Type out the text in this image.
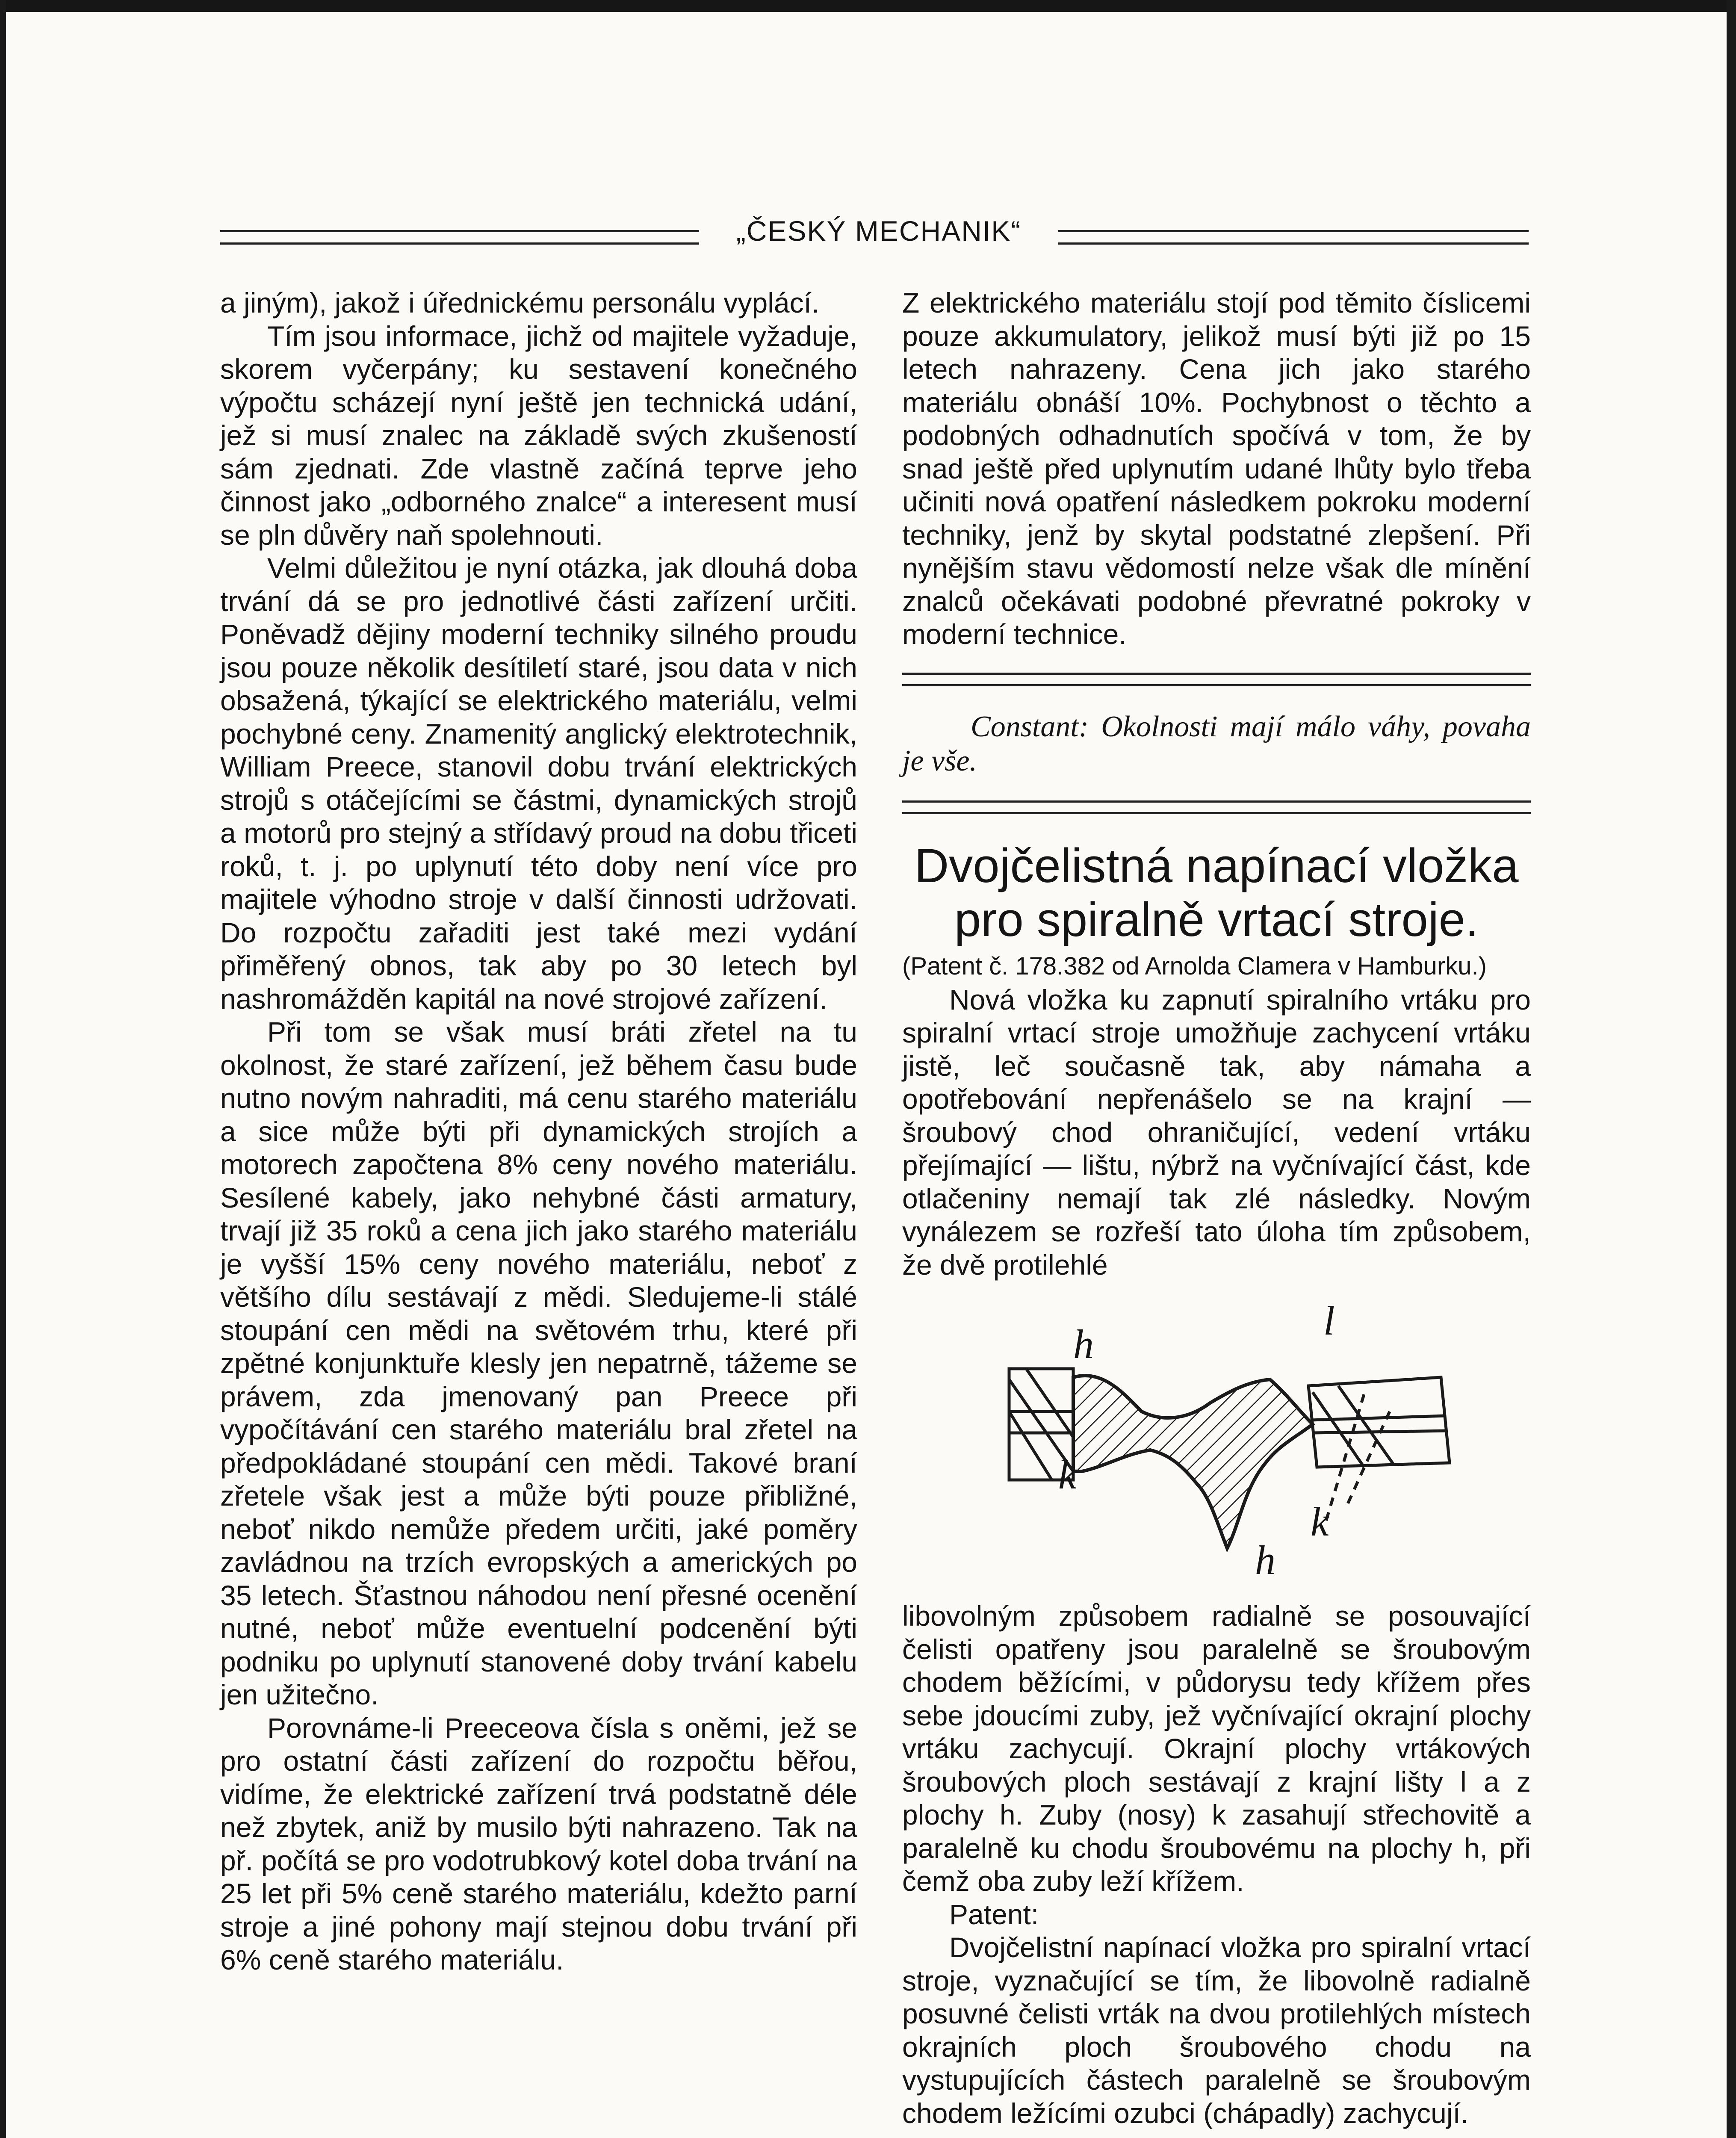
„ČESKÝ MECHANIK“

a jiným), jakož i úřednickému personálu vyplácí.

Tím jsou informace, jichž od majitele vyžaduje, skorem vyčerpány; ku sestavení konečného výpočtu scházejí nyní ještě jen technická udání, jež si musí znalec na základě svých zkušeností sám zjednati. Zde vlastně začíná teprve jeho činnost jako „odborného znalce“ a interesent musí se pln důvěry naň spolehnouti.

Velmi důležitou je nyní otázka, jak dlouhá doba trvání dá se pro jednotlivé části zařízení určiti. Poněvadž dějiny moderní techniky silného proudu jsou pouze několik desítiletí staré, jsou data v nich obsažená, týkající se elektrického materiálu, velmi pochybné ceny. Znamenitý anglický elektrotechnik, William Preece, stanovil dobu trvání elektrických strojů s otáčejícími se částmi, dynamických strojů a motorů pro stejný a střídavý proud na dobu třiceti roků, t. j. po uplynutí této doby není více pro majitele výhodno stroje v další činnosti udržovati. Do rozpočtu zařaditi jest také mezi vydání přiměřený obnos, tak aby po 30 letech byl nashromážděn kapitál na nové strojové zařízení.

Při tom se však musí bráti zřetel na tu okolnost, že staré zařízení, jež během času bude nutno novým nahraditi, má cenu starého materiálu a sice může býti při dynamických strojích a motorech započtena 8% ceny nového materiálu. Sesílené kabely, jako nehybné části armatury, trvají již 35 roků a cena jich jako starého materiálu je vyšší 15% ceny nového materiálu, neboť z většího dílu sestávají z mědi. Sledujeme-li stálé stoupání cen mědi na světovém trhu, které při zpětné konjunktuře klesly jen nepatrně, tážeme se právem, zda jmenovaný pan Preece při vypočítávání cen starého materiálu bral zřetel na předpokládané stoupání cen mědi. Takové braní zřetele však jest a může býti pouze přibližné, neboť nikdo nemůže předem určiti, jaké poměry zavládnou na trzích evropských a amerických po 35 letech. Šťastnou náhodou není přesné ocenění nutné, neboť může eventuelní podcenění býti podniku po uplynutí stanovené doby trvání kabelu jen užitečno.

Porovnáme-li Preeceova čísla s oněmi, jež se pro ostatní části zařízení do rozpočtu běřou, vidíme, že elektrické zařízení trvá podstatně déle než zbytek, aniž by musilo býti nahrazeno. Tak na př. počítá se pro vodotrubkový kotel doba trvání na 25 let při 5% ceně starého materiálu, kdežto parní stroje a jiné pohony mají stejnou dobu trvání při 6% ceně starého materiálu.

Z elektrického materiálu stojí pod těmito číslicemi pouze akkumulatory, jelikož musí býti již po 15 letech nahrazeny. Cena jich jako starého materiálu obnáší 10%. Pochybnost o těchto a podobných odhadnutích spočívá v tom, že by snad ještě před uplynutím udané lhůty bylo třeba učiniti nová opatření následkem pokroku moderní techniky, jenž by skytal podstatné zlepšení. Při nynějším stavu vědomostí nelze však dle mínění znalců očekávati podobné převratné pokroky v moderní technice.

Constant: Okolnosti mají málo váhy, povaha je vše.
Dvojčelistná napínací vložka
pro spiralně vrtací stroje.
(Patent č. 178.382 od Arnolda Clamera v Hamburku.)

Nová vložka ku zapnutí spiralního vrtáku pro spiralní vrtací stroje umožňuje zachycení vrtáku jistě, leč současně tak, aby námaha a opotřebování nepřenášelo se na krajní — šroubový chod ohraničující, vedení vrtáku přejímající — lištu, nýbrž na vyčnívající část, kde otlačeniny nemají tak zlé následky. Novým vynálezem se rozřeší tato úloha tím způsobem, že dvě protilehlé

h
l
k
k
h

libovolným způsobem radialně se posouvající čelisti opatřeny jsou paralelně se šroubovým chodem běžícími, v půdorysu tedy křížem přes sebe jdoucími zuby, jež vyčnívající okrajní plochy vrtáku zachycují. Okrajní plochy vrtákových šroubových ploch sestávají z krajní lišty l a z plochy h. Zuby (nosy) k zasahují střechovitě a paralelně ku chodu šroubovému na plochy h, při čemž oba zuby leží křížem.

Patent:

Dvojčelistní napínací vložka pro spiralní vrtací stroje, vyznačující se tím, že libovolně radialně posuvné čelisti vrták na dvou protilehlých místech okrajních ploch šroubového chodu na vystupujících částech paralelně se šroubovým chodem ležícími ozubci (chápadly) zachycují.
